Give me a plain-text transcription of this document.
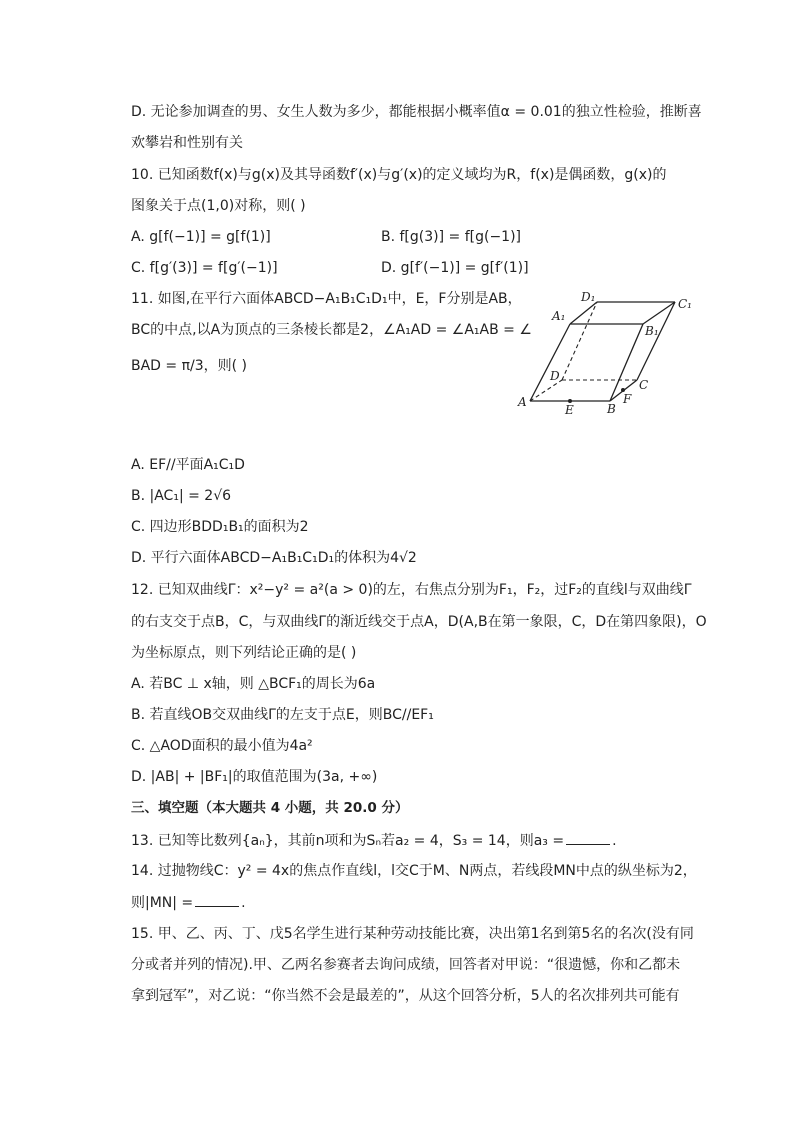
D. 无论参加调查的男、女生人数为多少，都能根据小概率值α = 0.01的独立性检验，推断喜
欢攀岩和性别有关
10. 已知函数f(x)与g(x)及其导函数f′(x)与g′(x)的定义域均为R，f(x)是偶函数，g(x)的
图象关于点(1,0)对称，则( )
A. g[f(−1)] = g[f(1)]	B. f[g(3)] = f[g(−1)]
C. f[g′(3)] = f[g′(−1)]	D. g[f′(−1)] = g[f′(1)]
11. 如图,在平行六面体ABCD−A₁B₁C₁D₁中，E，F分别是AB，
BC的中点,以A为顶点的三条棱长都是2，∠A₁AD = ∠A₁AB = ∠
BAD = π/3，则( )
D₁	C₁
A₁
B₁
D
C
A
E	B
F
A. EF//平面A₁C₁D
B. |AC₁| = 2√6
C. 四边形BDD₁B₁的面积为2
D. 平行六面体ABCD−A₁B₁C₁D₁的体积为4√2
12. 已知双曲线Γ：x²−y² = a²(a > 0)的左，右焦点分别为F₁，F₂，过F₂的直线l与双曲线Γ
的右支交于点B，C，与双曲线Γ的渐近线交于点A，D(A,B在第一象限，C，D在第四象限)，O
为坐标原点，则下列结论正确的是( )
A. 若BC ⊥ x轴，则 △BCF₁的周长为6a
B. 若直线OB交双曲线Γ的左支于点E，则BC//EF₁
C. △AOD面积的最小值为4a²
D. |AB| + |BF₁|的取值范围为(3a, +∞)
三、填空题（本大题共 4 小题，共 20.0 分）
13. 已知等比数列{aₙ}，其前n项和为Sₙ若a₂ = 4，S₃ = 14，则a₃ =	.
14. 过抛物线C：y² = 4x的焦点作直线l，l交C于M、N两点，若线段MN中点的纵坐标为2，
则|MN| =	.
15. 甲、乙、丙、丁、戊5名学生进行某种劳动技能比赛，决出第1名到第5名的名次(没有同
分或者并列的情况).甲、乙两名参赛者去询问成绩，回答者对甲说：“很遗憾，你和乙都未
拿到冠军”，对乙说：“你当然不会是最差的”，从这个回答分析，5人的名次排列共可能有
